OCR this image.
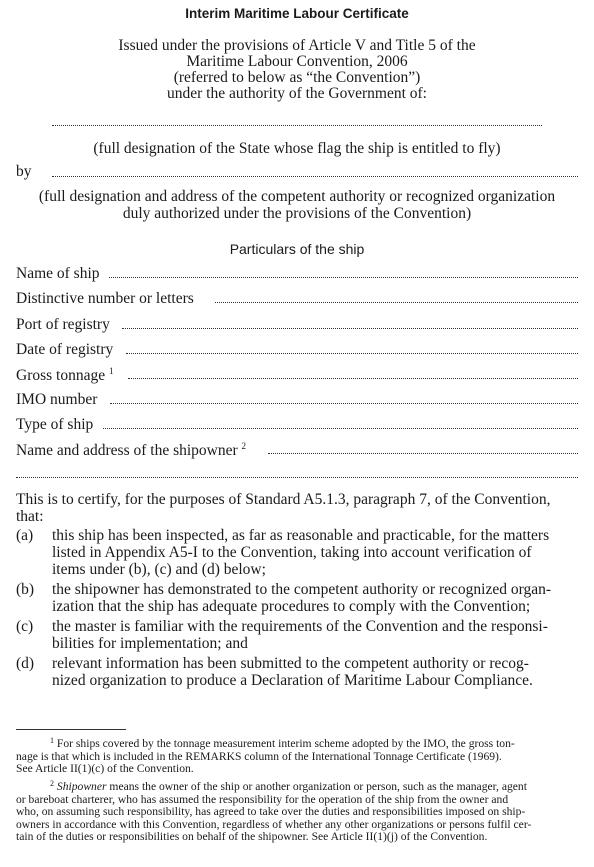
Interim Maritime Labour Certificate
Issued under the provisions of Article V and Title 5 of the
Maritime Labour Convention, 2006
(referred to below as “the Convention”)
under the authority of the Government of:
(full designation of the State whose flag the ship is entitled to fly)
by
(full designation and address of the competent authority or recognized organization
duly authorized under the provisions of the Convention)
Particulars of the ship
Name of ship
Distinctive number or letters
Port of registry
Date of registry
Gross tonnage $^1$
IMO number
Type of ship
Name and address of the shipowner $^2$
This is to certify, for the purposes of Standard A5.1.3, paragraph 7, of the Convention,
that:
(a) this ship has been inspected, as far as reasonable and practicable, for the matters
listed in Appendix A5-I to the Convention, taking into account verification of
items under (b), (c) and (d) below;
(b) the shipowner has demonstrated to the competent authority or recognized organ-
ization that the ship has adequate procedures to comply with the Convention;
(c) the master is familiar with the requirements of the Convention and the responsi-
bilities for implementation; and
(d) relevant information has been submitted to the competent authority or recog-
nized organization to produce a Declaration of Maritime Labour Compliance.
$^1$ For ships covered by the tonnage measurement interim scheme adopted by the IMO, the gross ton-
nage is that which is included in the REMARKS column of the International Tonnage Certificate (1969).
See Article II(1)(c) of the Convention.
$^2$ Shipowner means the owner of the ship or another organization or person, such as the manager, agent
or bareboat charterer, who has assumed the responsibility for the operation of the ship from the owner and
who, on assuming such responsibility, has agreed to take over the duties and responsibilities imposed on ship-
owners in accordance with this Convention, regardless of whether any other organizations or persons fulfil cer-
tain of the duties or responsibilities on behalf of the shipowner. See Article II(1)(j) of the Convention.
